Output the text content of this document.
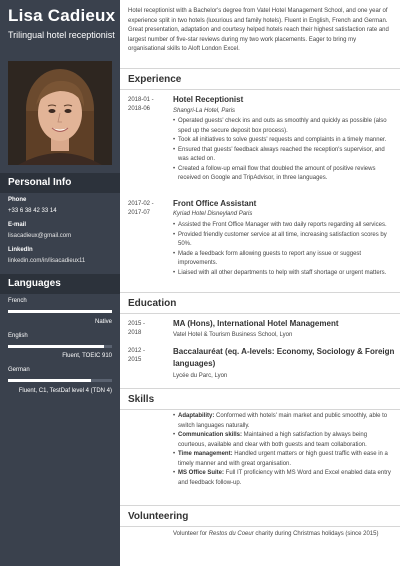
Lisa Cadieux
Trilingual hotel receptionist
Personal Info
Phone
+33 6 38 42 33 14
E-mail
lisacadieux@gmail.com
LinkedIn
linkedin.com/in/lisacadieux11
Languages
French
Native
English
Fluent, TOEIC 910
German
Fluent, C1, TestDaf level 4 (TDN 4)
Hotel receptionist with a Bachelor's degree from Vatel Hotel Management School, and one year of experience split in two hotels (luxurious and family hotels). Fluent in English, French and German. Great presentation, adaptation and courtesy helped hotels reach their highest satisfaction rate and largest number of five-star reviews during my two work placements. Eager to bring my organisational skills to Aloft London Excel.
Experience
2018-01 -
2018-06
Hotel Receptionist
Shangri-La Hotel, Paris
• Operated guests' check ins and outs as smoothly and quickly as possible (also sped up the secure deposit box process).
• Took all initiatives to solve guests' requests and complaints in a timely manner.
• Ensured that guests' feedback always reached the reception's supervisor, and was acted on.
• Created a follow-up email flow that doubled the amount of positive reviews received on Google and TripAdvisor, in three languages.
2017-02 -
2017-07
Front Office Assistant
Kyriad Hotel Disneyland Paris
• Assisted the Front Office Manager with two daily reports regarding all services.
• Provided friendly customer service at all time, increasing satisfaction scores by 50%.
• Made a feedback form allowing guests to report any issue or suggest improvements.
• Liaised with all other departments to help with staff shortage or urgent matters.
Education
2015 -
2018
MA (Hons), International Hotel Management
Vatel Hotel & Tourism Business School, Lyon
2012 -
2015
Baccalauréat (eq. A-levels: Economy, Sociology & Foreign languages)
Lycée du Parc, Lyon
Skills
• Adaptability: Conformed with hotels' main market and public smoothly, able to switch languages naturally.
• Communication skills: Maintained a high satisfaction by always being courteous, available and clear with both guests and team collaboration.
• Time management: Handled urgent matters or high guest traffic with ease in a timely manner and with great organisation.
• MS Office Suite: Full IT proficiency with MS Word and Excel enabled data entry and feedback follow-up.
Volunteering
Volunteer for Restos du Coeur charity during Christmas holidays (since 2015)
